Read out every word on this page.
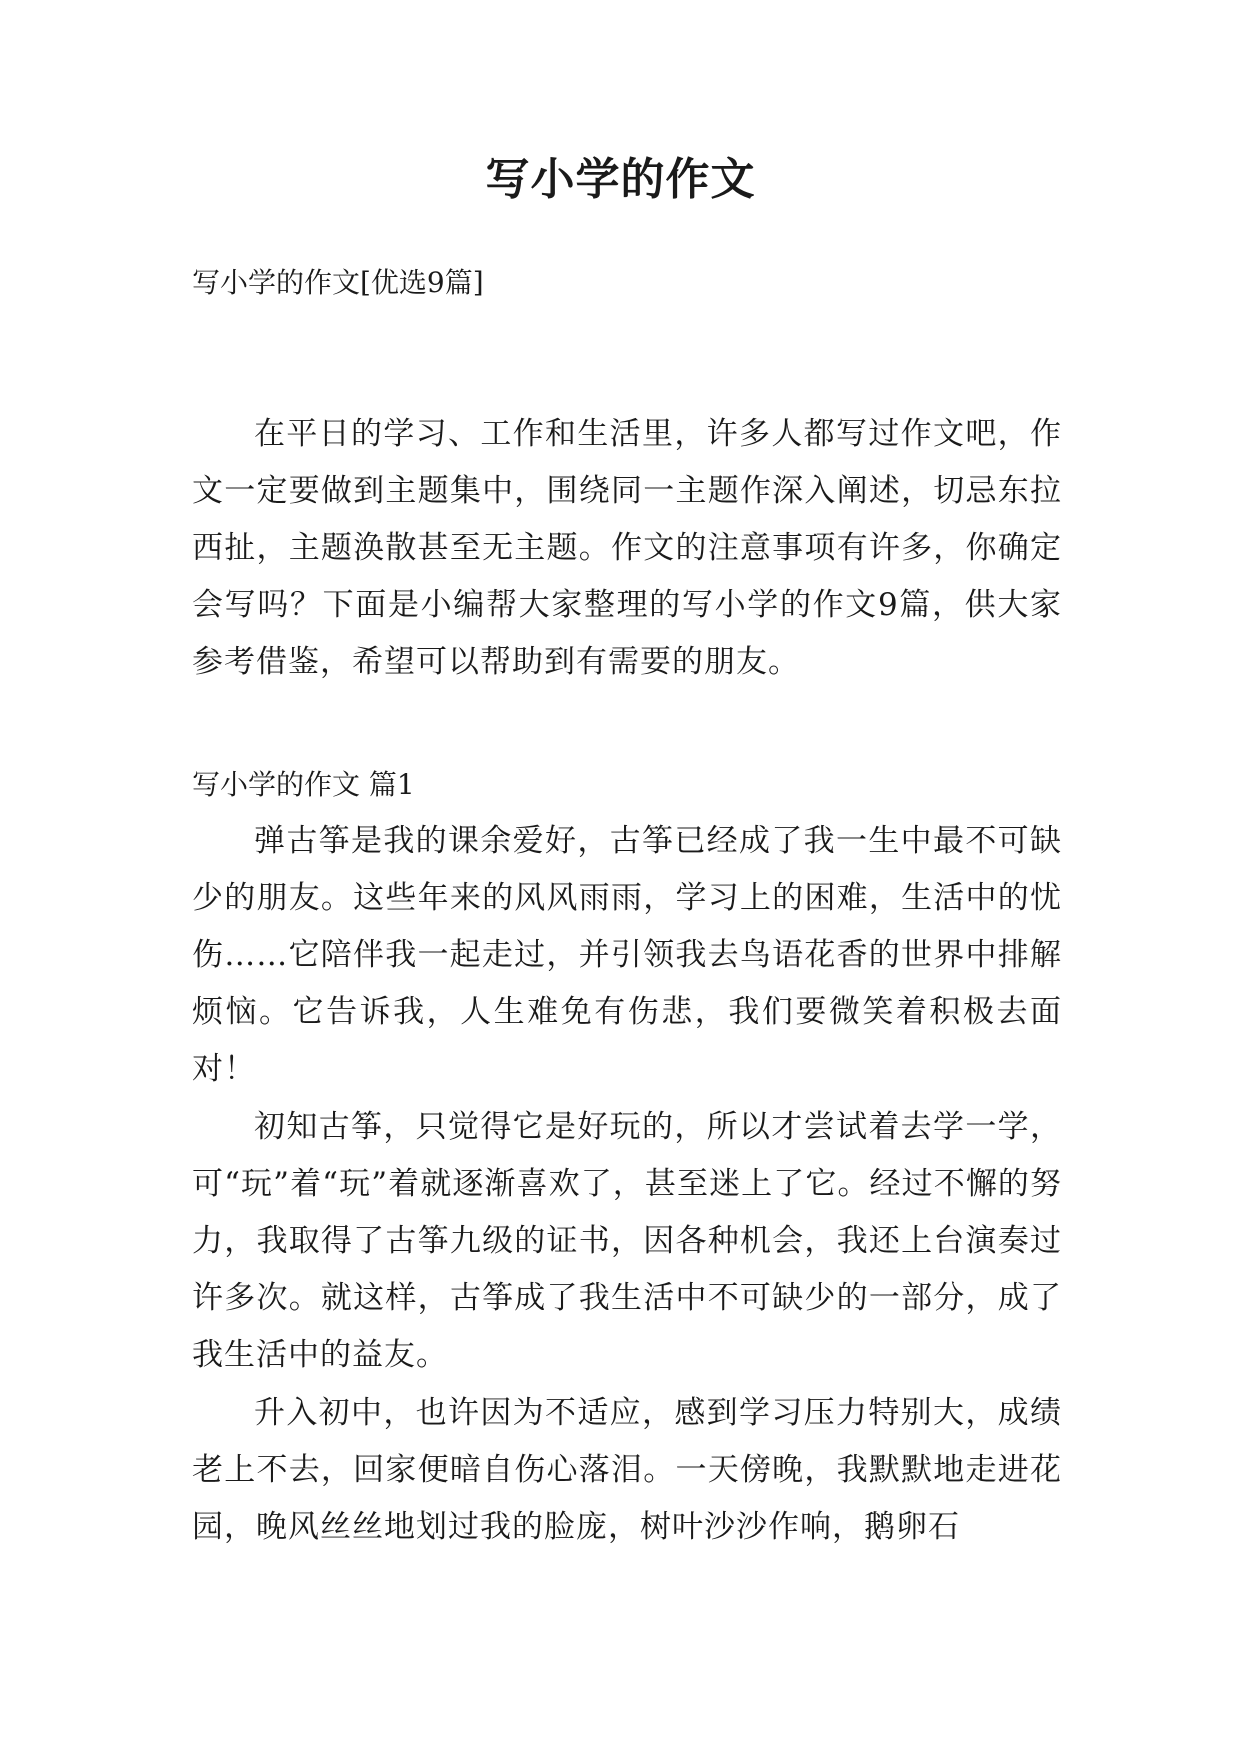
写小学的作文
写小学的作文[优选9篇]

在平日的学习、工作和生活里，许多人都写过作文吧，作文一定要做到主题集中，围绕同一主题作深入阐述，切忌东拉西扯，主题涣散甚至无主题。作文的注意事项有许多，你确定会写吗？下面是小编帮大家整理的写小学的作文9篇，供大家参考借鉴，希望可以帮助到有需要的朋友。

写小学的作文 篇1

弹古筝是我的课余爱好，古筝已经成了我一生中最不可缺少的朋友。这些年来的风风雨雨，学习上的困难，生活中的忧伤……它陪伴我一起走过，并引领我去鸟语花香的世界中排解烦恼。它告诉我，人生难免有伤悲，我们要微笑着积极去面对！

初知古筝，只觉得它是好玩的，所以才尝试着去学一学，可“玩”着“玩”着就逐渐喜欢了，甚至迷上了它。经过不懈的努力，我取得了古筝九级的证书，因各种机会，我还上台演奏过许多次。就这样，古筝成了我生活中不可缺少的一部分，成了我生活中的益友。

升入初中，也许因为不适应，感到学习压力特别大，成绩老上不去，回家便暗自伤心落泪。一天傍晚，我默默地走进花园，晚风丝丝地划过我的脸庞，树叶沙沙作响，鹅卵石
